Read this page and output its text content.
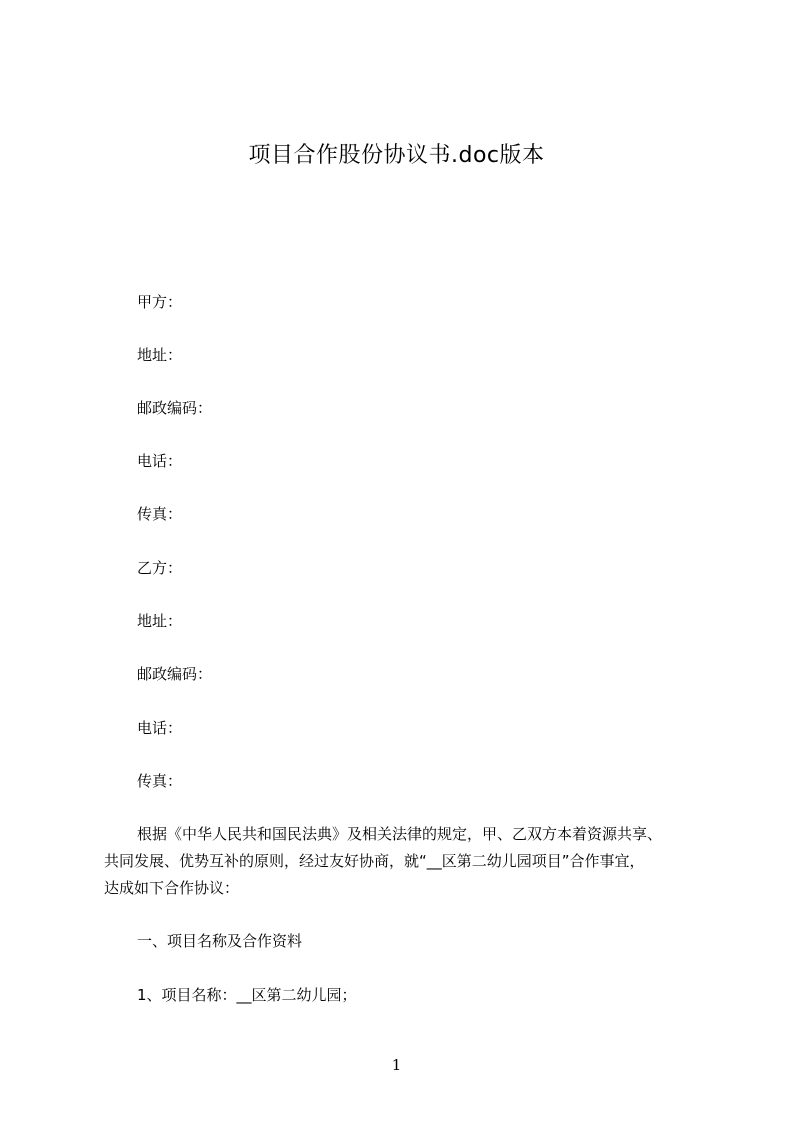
项目合作股份协议书.doc版本
甲方：
地址：
邮政编码：
电话：
传真：
乙方：
地址：
邮政编码：
电话：
传真：
根据《中华人民共和国民法典》及相关法律的规定，甲、乙双方本着资源共享、
共同发展、优势互补的原则，经过友好协商，就“__区第二幼儿园项目”合作事宜，
达成如下合作协议：
一、项目名称及合作资料
1、项目名称：__区第二幼儿园；
1
